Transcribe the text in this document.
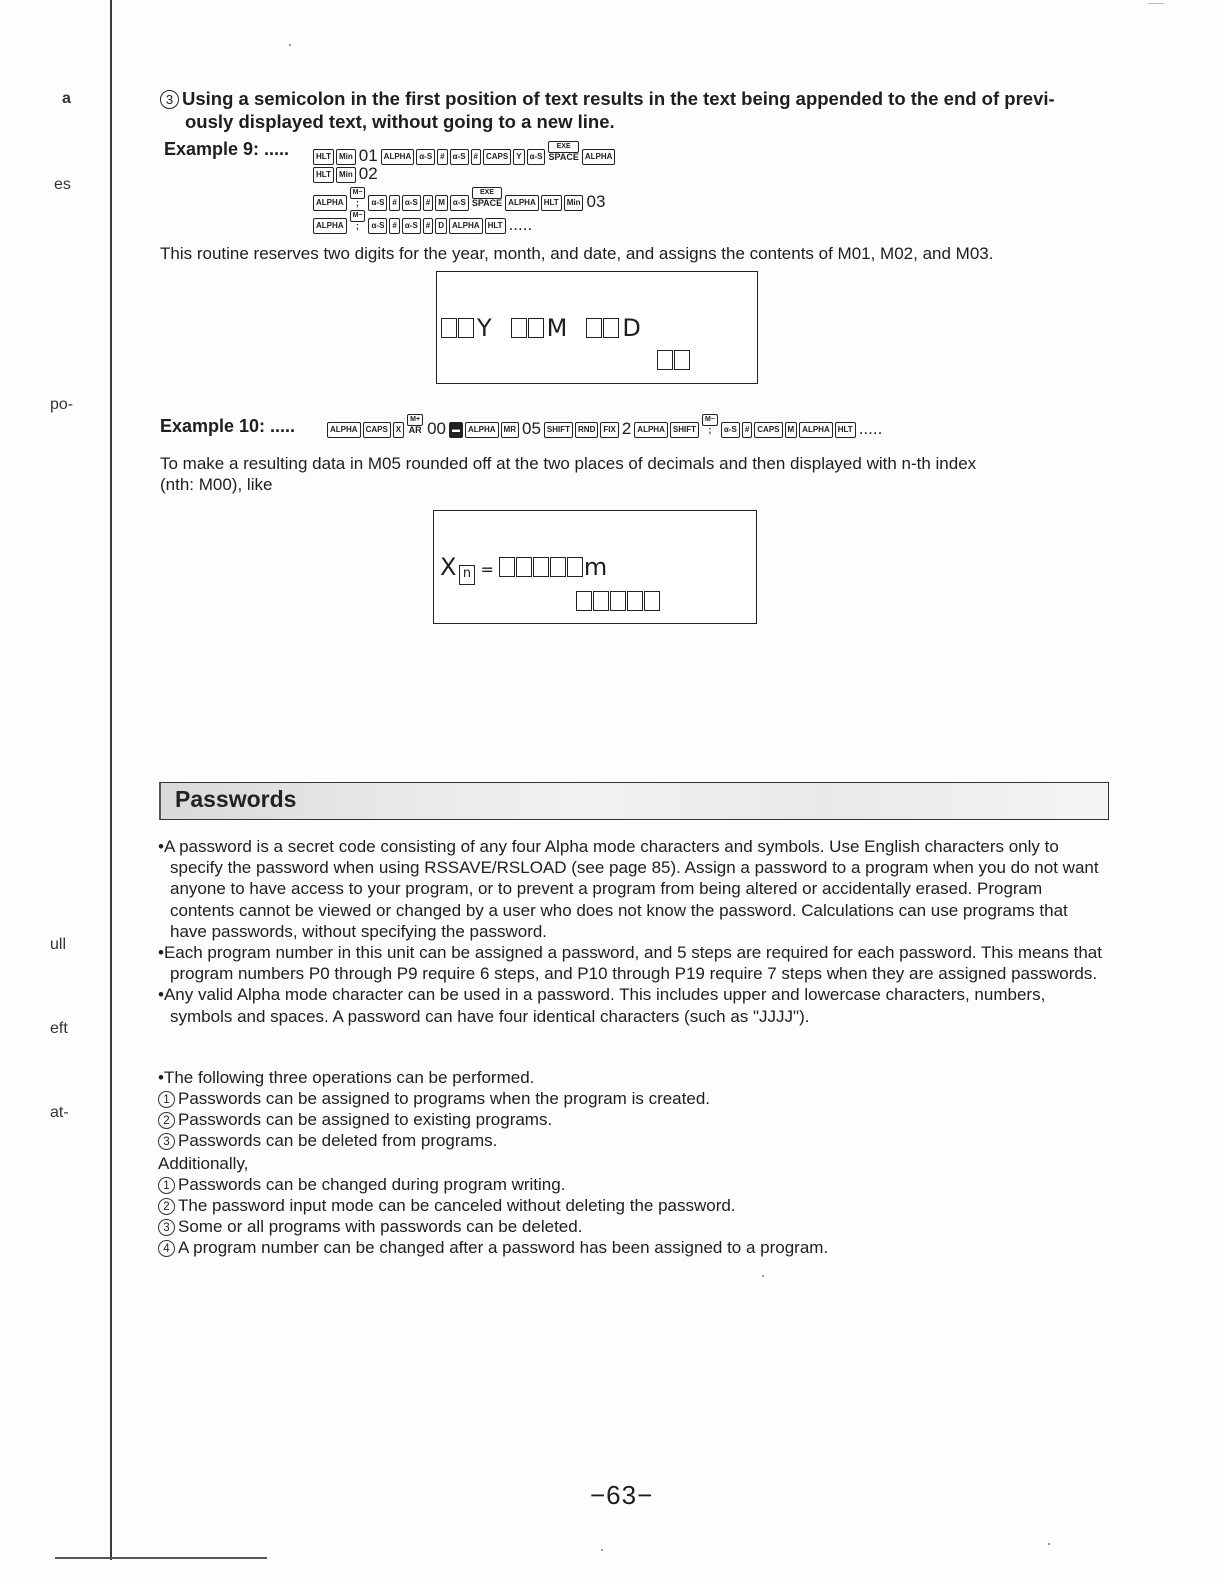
a
es
po-
ull
eft
at-
3 Using a semicolon in the first position of text results in the text being appended to the end of previ-
ously displayed text, without going to a new line.
Example 9: .....	HLT Min 01 ALPHA α-S # α-S # CAPS Y α-S
EXE
SPACE ALPHA
HLT Min 02
ALPHA
M−
;	α-S # α-S # M α-S
EXE
SPACE ALPHA HLT Min 03
ALPHA
M−
;	α-S # α-S # D ALPHA HLT .....
This routine reserves two digits for the year, month, and date, and assigns the contents of M01, M02, and M03.
Y M D
Example 10: .....	ALPHA CAPS X
M+
AR 00 ▬ ALPHA MR 05 SHIFT RND FIX 2 ALPHA SHIFT
M−
;	α-S # CAPS M ALPHA HLT .....
To make a resulting data in M05 rounded off at the two places of decimals and then displayed with n-th index
(nth: M00), like
X n =	m
Passwords

•A password is a secret code consisting of any four Alpha mode characters and symbols. Use English characters only to specify the password when using RSSAVE/RSLOAD (see page 85). Assign a password to a program when you do not want anyone to have access to your program, or to prevent a program from being altered or accidentally erased. Program contents cannot be viewed or changed by a user who does not know the password. Calculations can use programs that have passwords, without specifying the password.

•Each program number in this unit can be assigned a password, and 5 steps are required for each password. This means that program numbers P0 through P9 require 6 steps, and P10 through P19 require 7 steps when they are assigned passwords.

•Any valid Alpha mode character can be used in a password. This includes upper and lowercase characters, numbers, symbols and spaces. A password can have four identical characters (such as "JJJJ").

•The following three operations can be performed.
1 Passwords can be assigned to programs when the program is created.
2 Passwords can be assigned to existing programs.
3 Passwords can be deleted from programs.
Additionally,
1 Passwords can be changed during program writing.
2 The password input mode can be canceled without deleting the password.
3 Some or all programs with passwords can be deleted.
4 A program number can be changed after a password has been assigned to a program.
−63−
